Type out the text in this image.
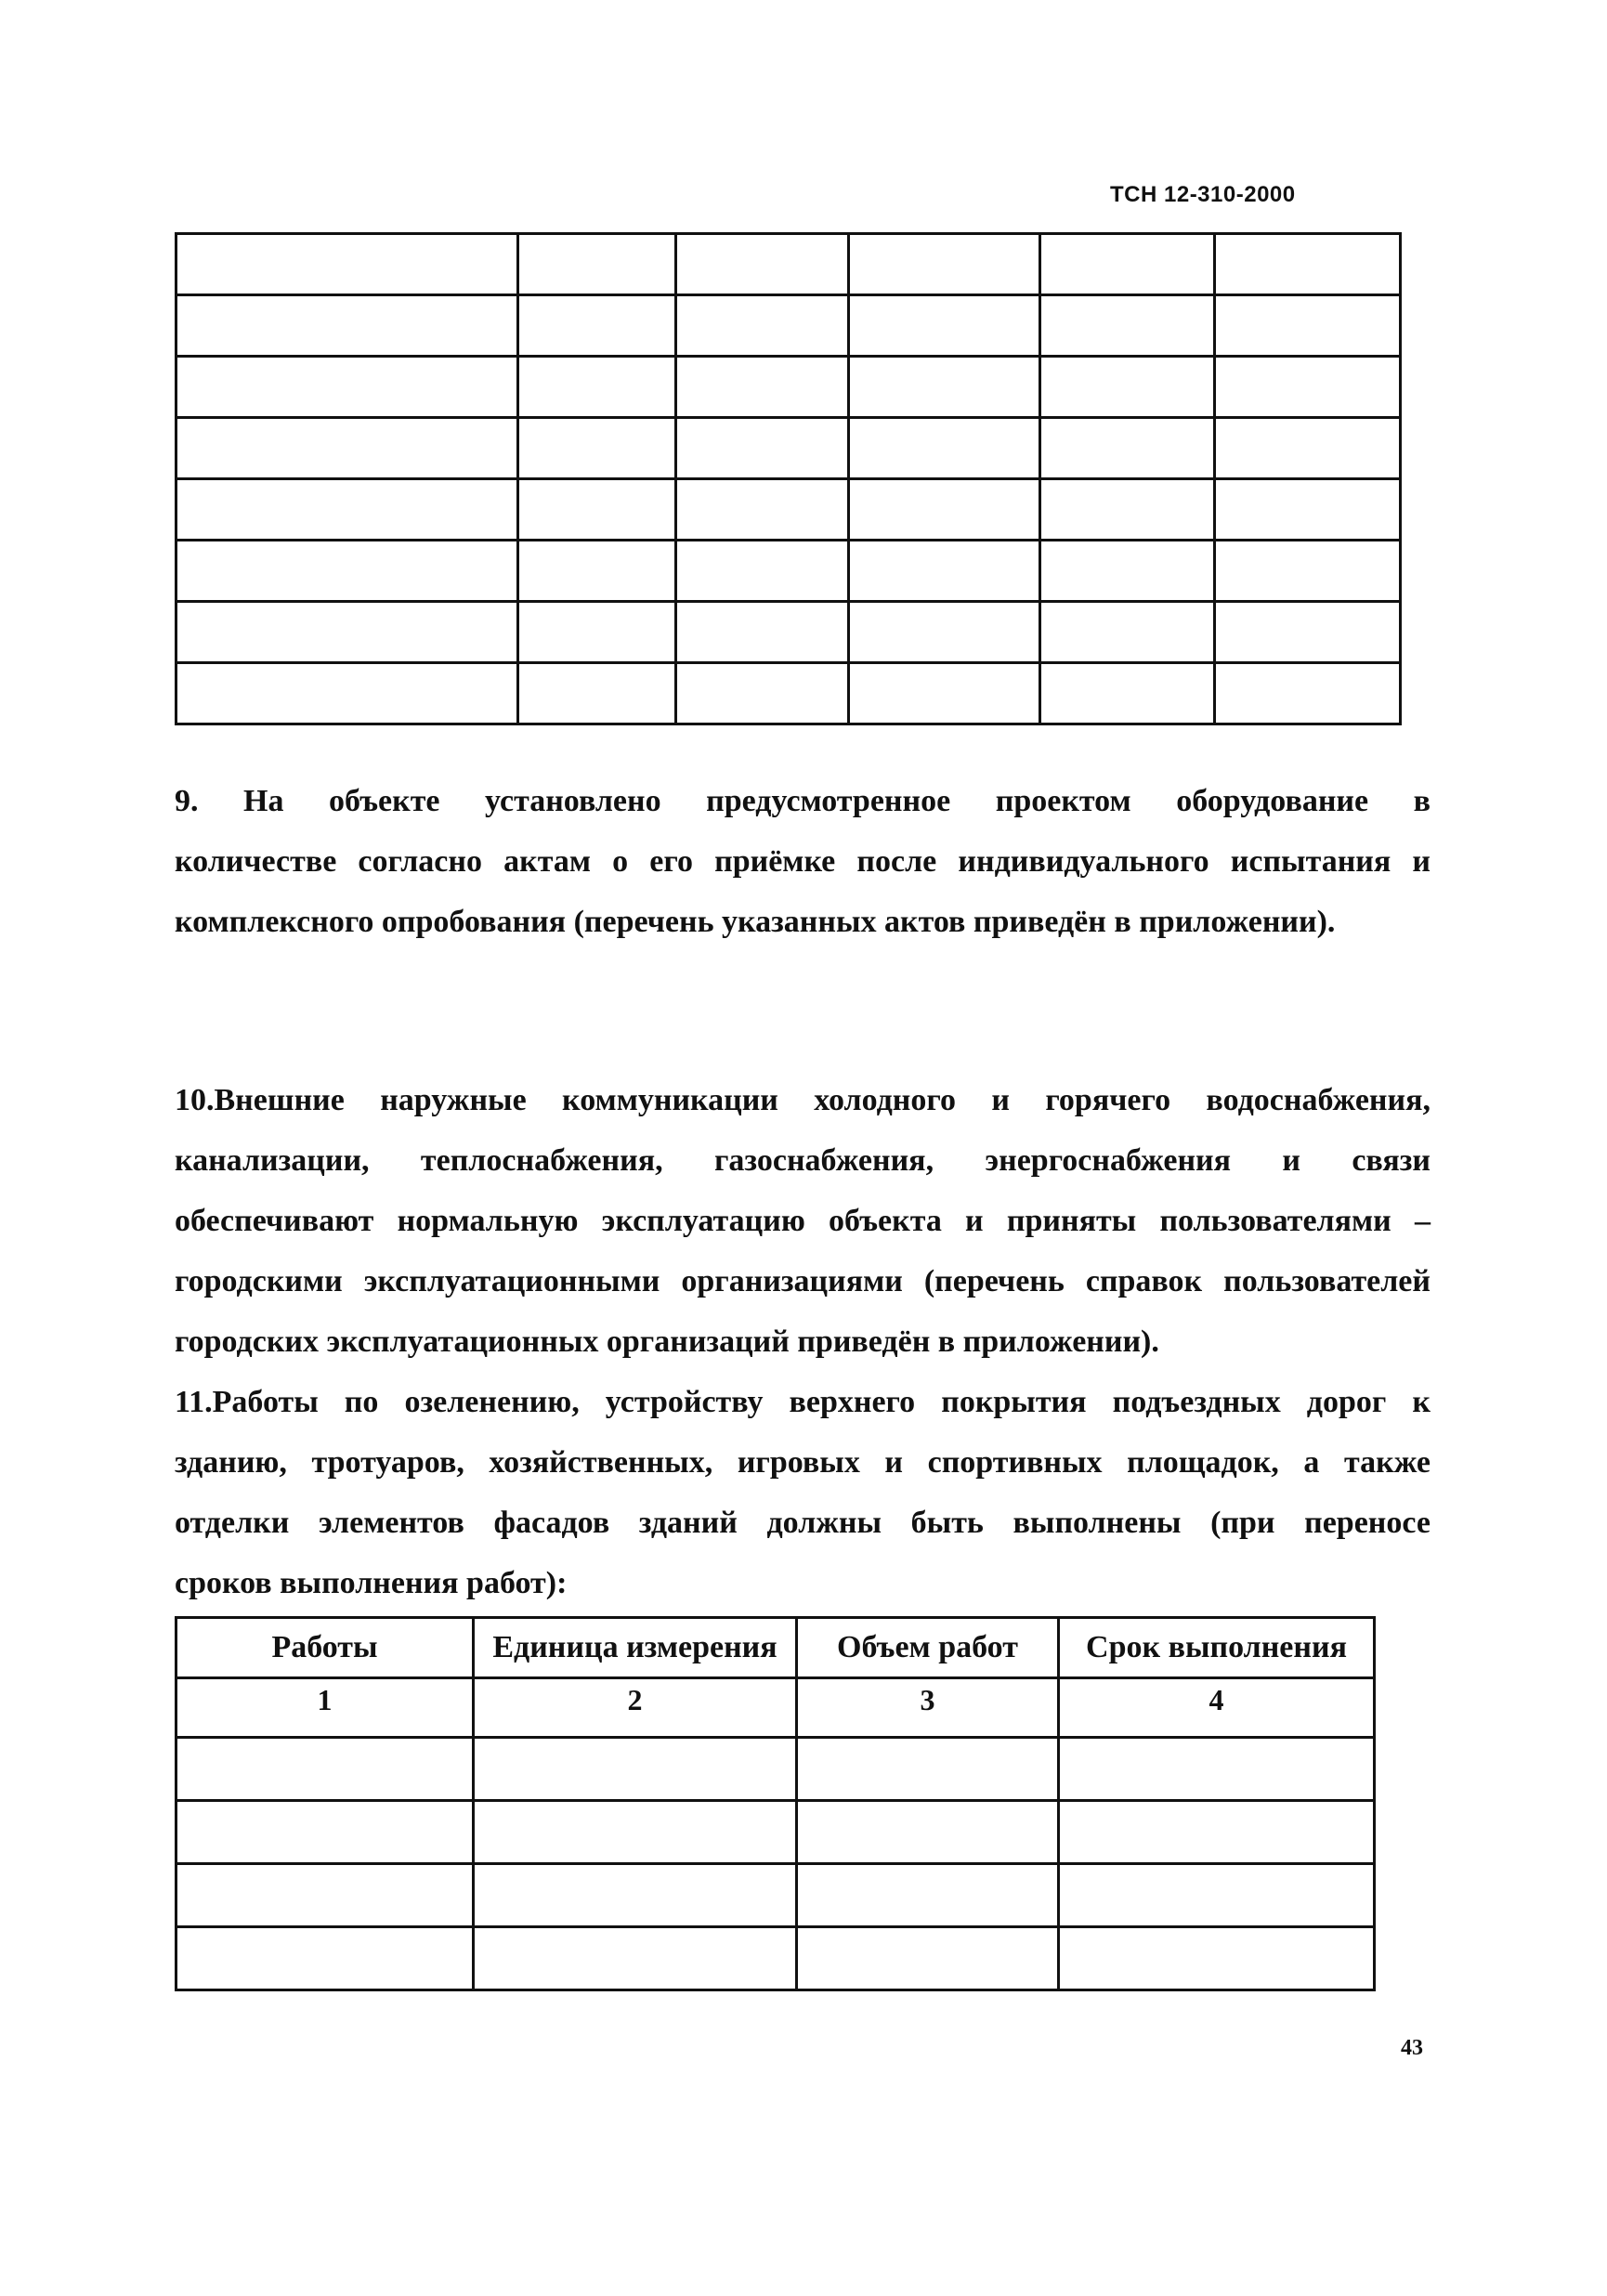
ТСН 12-310-2000

9. На объекте установлено предусмотренное проектом оборудование в
количестве согласно актам о его приёмке после индивидуального испытания и
комплексного опробования (перечень указанных актов приведён в приложении).
10.Внешние наружные коммуникации холодного и горячего водоснабжения,
канализации, теплоснабжения, газоснабжения, энергоснабжения и связи
обеспечивают нормальную эксплуатацию объекта и приняты пользователями –
городскими эксплуатационными организациями (перечень справок пользователей
городских эксплуатационных организаций приведён в приложении).
11.Работы по озеленению, устройству верхнего покрытия подъездных дорог к
зданию, тротуаров, хозяйственных, игровых и спортивных площадок, а также
отделки элементов фасадов зданий должны быть выполнены (при переносе
сроков выполнения работ):
Работы	Единица измерения	Объем работ	Срок выполнения
1	2	3	4

43
